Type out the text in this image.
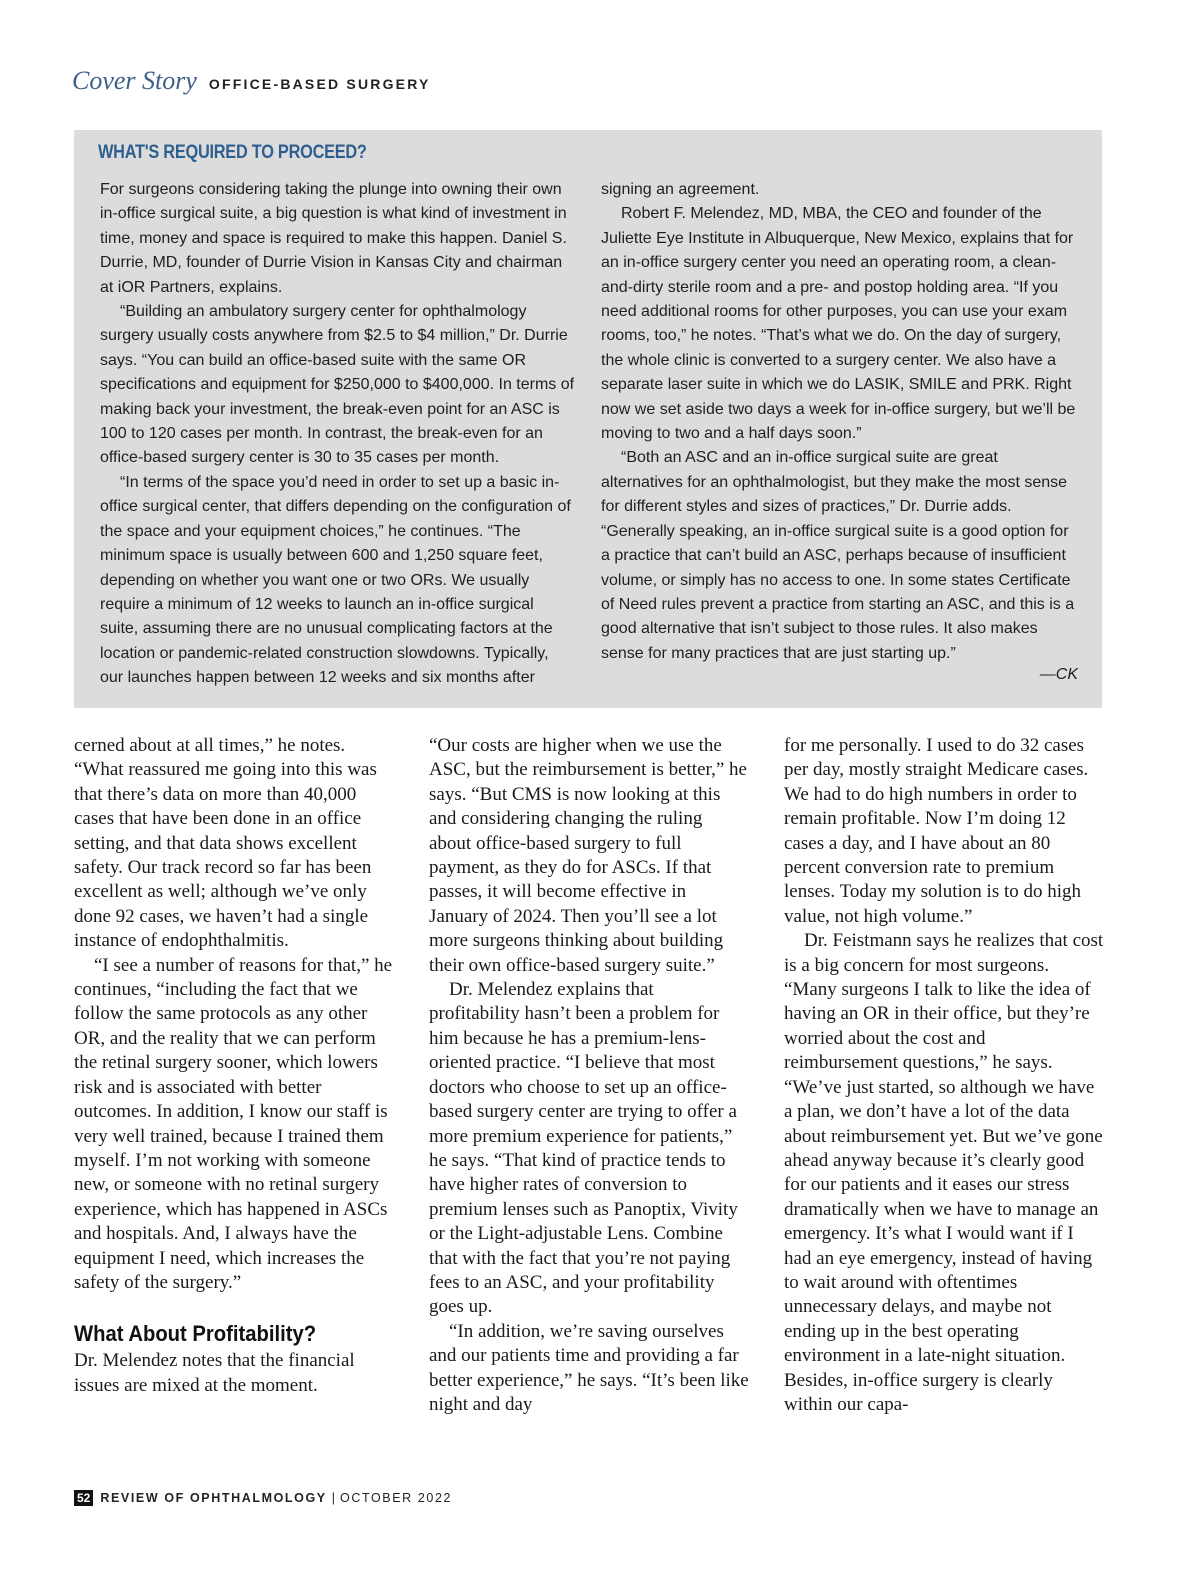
Cover Story OFFICE-BASED SURGERY
WHAT'S REQUIRED TO PROCEED?

For surgeons considering taking the plunge into owning their own in-office surgical suite, a big question is what kind of investment in time, money and space is required to make this happen. Daniel S. Durrie, MD, founder of Durrie Vision in Kansas City and chairman at iOR Partners, explains.

“Building an ambulatory surgery center for ophthalmology surgery usually costs anywhere from $2.5 to $4 million,” Dr. Durrie says. “You can build an office-based suite with the same OR specifications and equipment for $250,000 to $400,000. In terms of making back your investment, the break-even point for an ASC is 100 to 120 cases per month. In contrast, the break-even for an office-based surgery center is 30 to 35 cases per month.

“In terms of the space you’d need in order to set up a basic in-office surgical center, that differs depending on the configuration of the space and your equipment choices,” he continues. “The minimum space is usually between 600 and 1,250 square feet, depending on whether you want one or two ORs. We usually require a minimum of 12 weeks to launch an in-office surgical suite, assuming there are no unusual complicating factors at the location or pandemic-related construction slowdowns. Typically, our launches happen between 12 weeks and six months after

signing an agreement.

Robert F. Melendez, MD, MBA, the CEO and founder of the Juliette Eye Institute in Albuquerque, New Mexico, explains that for an in-office surgery center you need an operating room, a clean-and-dirty sterile room and a pre- and postop holding area. “If you need additional rooms for other purposes, you can use your exam rooms, too,” he notes. “That’s what we do. On the day of surgery, the whole clinic is converted to a surgery center. We also have a separate laser suite in which we do LASIK, SMILE and PRK. Right now we set aside two days a week for in-office surgery, but we’ll be moving to two and a half days soon.”

“Both an ASC and an in-office surgical suite are great alternatives for an ophthalmologist, but they make the most sense for different styles and sizes of practices,” Dr. Durrie adds. “Generally speaking, an in-office surgical suite is a good option for a practice that can’t build an ASC, perhaps because of insufficient volume, or simply has no access to one. In some states Certificate of Need rules prevent a practice from starting an ASC, and this is a good alternative that isn’t subject to those rules. It also makes sense for many practices that are just starting up.”

—CK

cerned about at all times,” he notes. “What reassured me going into this was that there’s data on more than 40,000 cases that have been done in an office setting, and that data shows excellent safety. Our track record so far has been excellent as well; although we’ve only done 92 cases, we haven’t had a single instance of endophthalmitis.

“I see a number of reasons for that,” he continues, “including the fact that we follow the same protocols as any other OR, and the reality that we can perform the retinal surgery sooner, which lowers risk and is associated with better outcomes. In addition, I know our staff is very well trained, because I trained them myself. I’m not working with someone new, or someone with no retinal surgery experience, which has happened in ASCs and hospitals. And, I always have the equipment I need, which increases the safety of the surgery.”

What About Profitability?

Dr. Melendez notes that the financial issues are mixed at the moment.

“Our costs are higher when we use the ASC, but the reimbursement is better,” he says. “But CMS is now looking at this and considering changing the ruling about office-based surgery to full payment, as they do for ASCs. If that passes, it will become effective in January of 2024. Then you’ll see a lot more surgeons thinking about building their own office-based surgery suite.”

Dr. Melendez explains that profitability hasn’t been a problem for him because he has a premium-lens-oriented practice. “I believe that most doctors who choose to set up an office-based surgery center are trying to offer a more premium experience for patients,” he says. “That kind of practice tends to have higher rates of conversion to premium lenses such as Panoptix, Vivity or the Light-adjustable Lens. Combine that with the fact that you’re not paying fees to an ASC, and your profitability goes up.

“In addition, we’re saving ourselves and our patients time and providing a far better experience,” he says. “It’s been like night and day

for me personally. I used to do 32 cases per day, mostly straight Medicare cases. We had to do high numbers in order to remain profitable. Now I’m doing 12 cases a day, and I have about an 80 percent conversion rate to premium lenses. Today my solution is to do high value, not high volume.”

Dr. Feistmann says he realizes that cost is a big concern for most surgeons. “Many surgeons I talk to like the idea of having an OR in their office, but they’re worried about the cost and reimbursement questions,” he says. “We’ve just started, so although we have a plan, we don’t have a lot of the data about reimbursement yet. But we’ve gone ahead anyway because it’s clearly good for our patients and it eases our stress dramatically when we have to manage an emergency. It’s what I would want if I had an eye emergency, instead of having to wait around with oftentimes unnecessary delays, and maybe not ending up in the best operating environment in a late-night situation. Besides, in-office surgery is clearly within our capa-

52 REVIEW OF OPHTHALMOLOGY | OCTOBER 2022
